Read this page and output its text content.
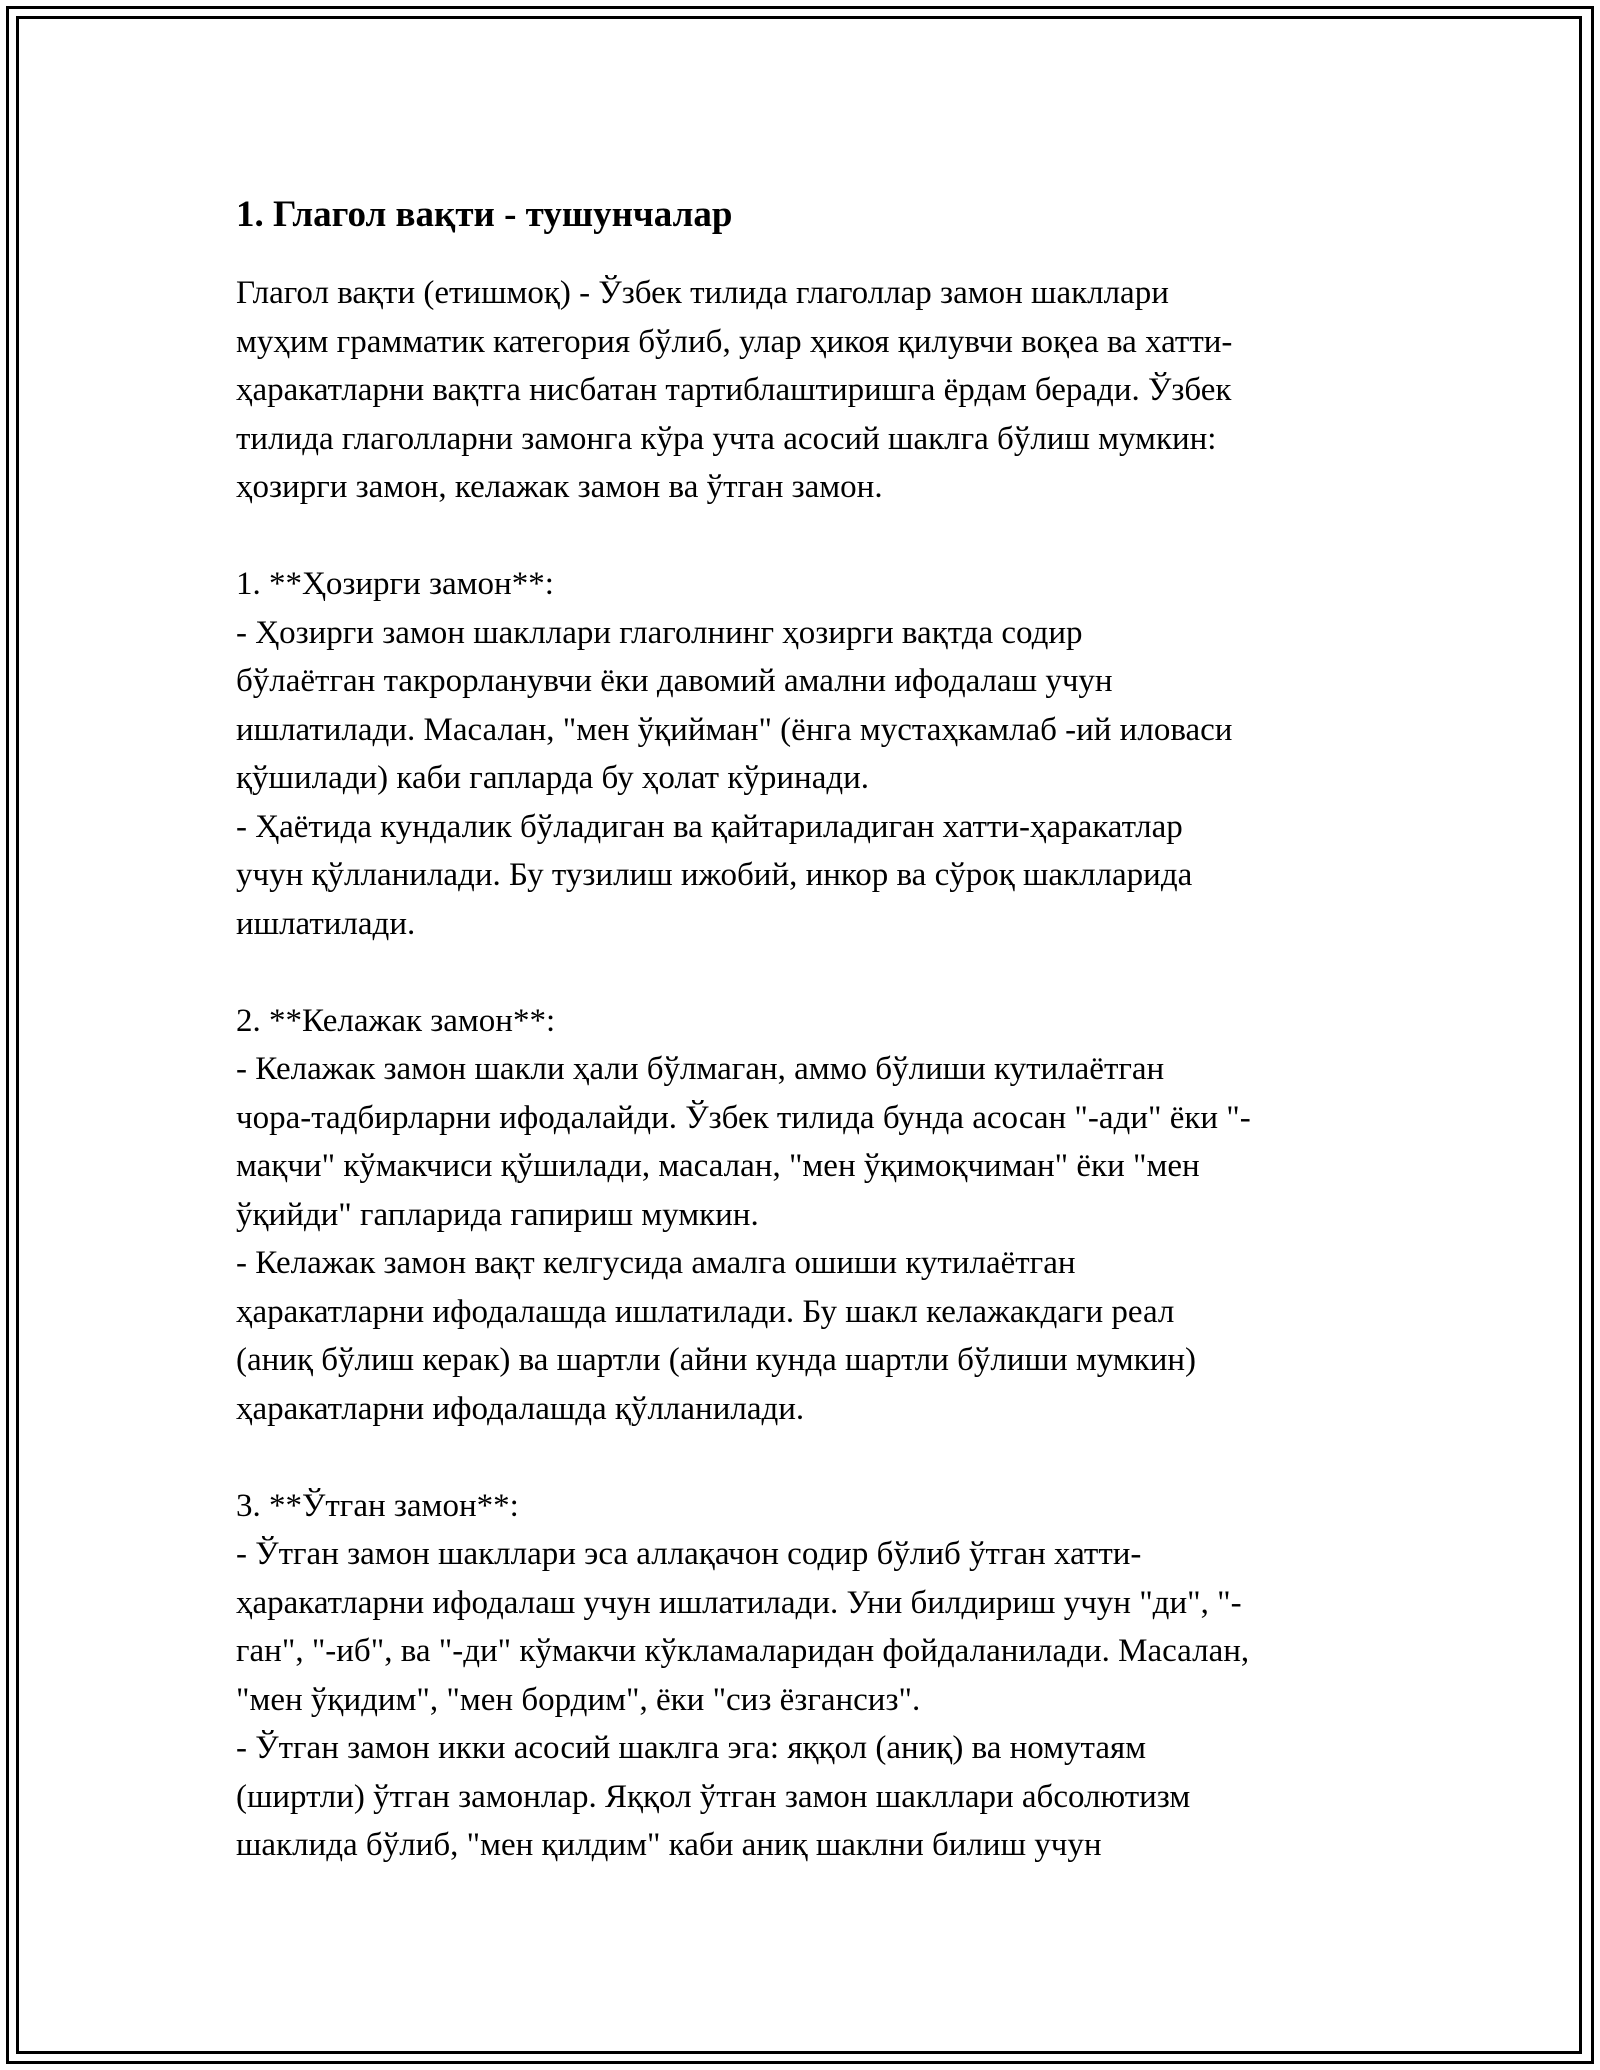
1. Глагол вақти - тушунчалар

Глагол вақти (етишмоқ) - Ўзбек тилида глаголлар замон шакллари
муҳим грамматик категория бўлиб, улар ҳикоя қилувчи воқеа ва хатти-
ҳаракатларни вақтга нисбатан тартиблаштиришга ёрдам беради. Ўзбек
тилида глаголларни замонга кўра учта асосий шаклга бўлиш мумкин:
ҳозирги замон, келажак замон ва ўтган замон.

1. **Ҳозирги замон**:

- Ҳозирги замон шакллари глаголнинг ҳозирги вақтда содир
бўлаётган такрорланувчи ёки давомий амални ифодалаш учун
ишлатилади. Масалан, "мен ўқийман" (ёнга мустаҳкамлаб -ий иловаси
қўшилади) каби гапларда бу ҳолат кўринади.
- Ҳаётида кундалик бўладиган ва қайтариладиган хатти-ҳаракатлар
учун қўлланилади. Бу тузилиш ижобий, инкор ва сўроқ шаклларида
ишлатилади.

2. **Келажак замон**:

- Келажак замон шакли ҳали бўлмаган, аммо бўлиши кутилаётган
чора-тадбирларни ифодалайди. Ўзбек тилида бунда асосан "-ади" ёки "-
мақчи" кўмакчиси қўшилади, масалан, "мен ўқимоқчиман" ёки "мен
ўқийди" гапларида гапириш мумкин.
- Келажак замон вақт келгусида амалга ошиши кутилаётган
ҳаракатларни ифодалашда ишлатилади. Бу шакл келажакдаги реал
(аниқ бўлиш керак) ва шартли (айни кунда шартли бўлиши мумкин)
ҳаракатларни ифодалашда қўлланилади.

3. **Ўтган замон**:

- Ўтган замон шакллари эса аллақачон содир бўлиб ўтган хатти-
ҳаракатларни ифодалаш учун ишлатилади. Уни билдириш учун "ди", "-
ган", "-иб", ва "-ди" кўмакчи кўкламаларидан фойдаланилади. Масалан,
"мен ўқидим", "мен бордим", ёки "сиз ёзгансиз".
- Ўтган замон икки асосий шаклга эга: яққол (аниқ) ва номутаям
(ширтли) ўтган замонлар. Яққол ўтган замон шакллари абсолютизм
шаклида бўлиб, "мен қилдим" каби аниқ шаклни билиш учун
